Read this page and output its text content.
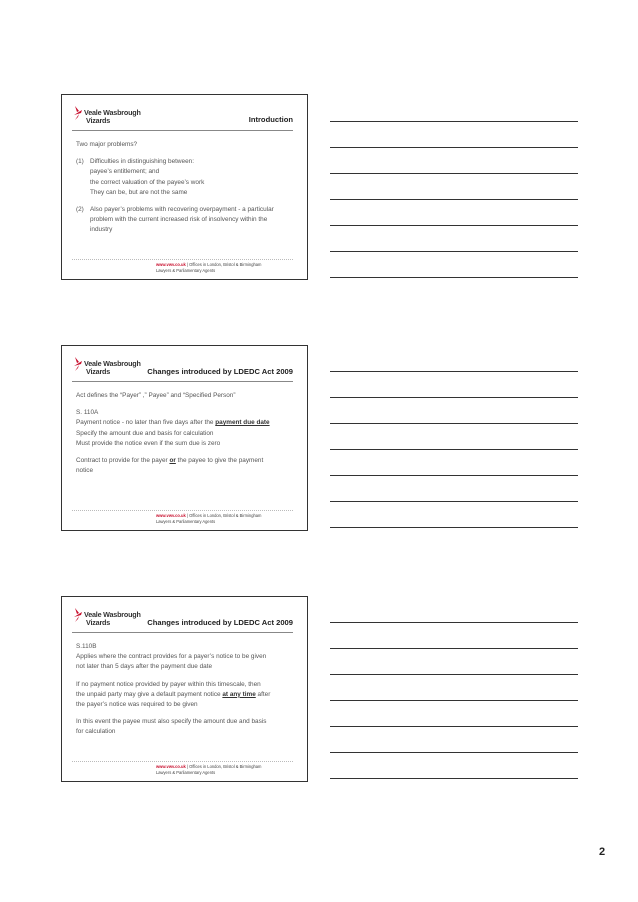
Veale Wasbrough
Vizards	Introduction

Two major problems?

(1) Difficulties in distinguishing between:

payee’s entitlement; and

the correct valuation of the payee’s work

They can be, but are not the same

(2) Also payer’s problems with recovering overpayment - a particular

problem with the current increased risk of insolvency within the

industry

www.vwv.co.uk | Offices in London, Bristol & Birmingham
Lawyers & Parliamentary Agents
Veale Wasbrough
Vizards	Changes introduced by LDEDC Act 2009

Act defines the “Payer” ,” Payee” and “Specified Person”

S. 110A

Payment notice - no later than five days after the payment due date

Specify the amount due and basis for calculation

Must provide the notice even if the sum due is zero

Contract to provide for the payer or the payee to give the payment

notice

www.vwv.co.uk | Offices in London, Bristol & Birmingham
Lawyers & Parliamentary Agents
Veale Wasbrough
Vizards	Changes introduced by LDEDC Act 2009

S.110B

Applies where the contract provides for a payer’s notice to be given

not later than 5 days after the payment due date

If no payment notice provided by payer within this timescale, then

the unpaid party may give a default payment notice at any time after

the payer’s notice was required to be given

In this event the payee must also specify the amount due and basis

for calculation

www.vwv.co.uk | Offices in London, Bristol & Birmingham
Lawyers & Parliamentary Agents
2
